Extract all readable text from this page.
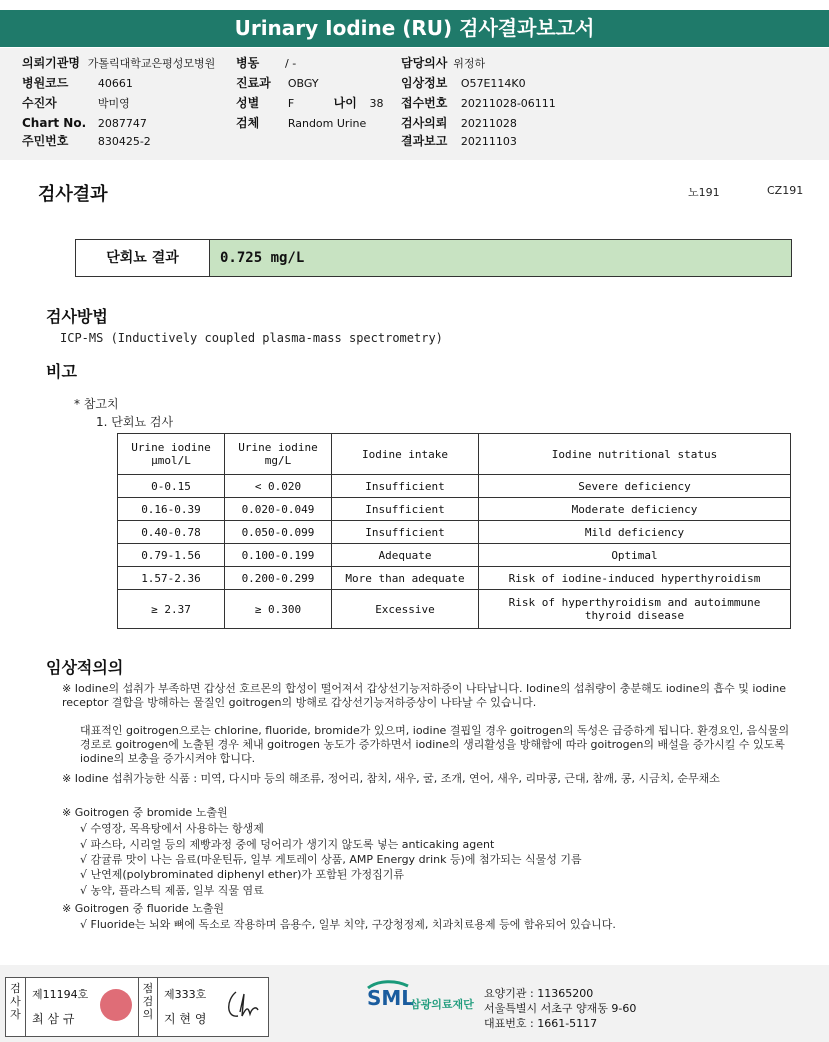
Urinary Iodine (RU) 검사결과보고서
의뢰기관명 가톨릭대학교은평성모병원 병동 / -	담당의사 위정하
병원코드	40661	진료과 OBGY	임상정보 O57E114K0
수진자	박미영	성별	F	나이 38 접수번호 20211028-06111
Chart No. 2087747	검체	Random Urine	검사의뢰 20211028
주민번호	830425-2	결과보고 20211103
검사결과	노191	CZ191
단회뇨 결과	0.725 mg/L
검사방법
ICP-MS (Inductively coupled plasma-mass spectrometry)
비고
* 참고치
1. 단회뇨 검사
Urine iodine μmol/L	Urine iodine mg/L	Iodine intake	Iodine nutritional status
0-0.15	< 0.020	Insufficient	Severe deficiency
0.16-0.39	0.020-0.049	Insufficient	Moderate deficiency
0.40-0.78	0.050-0.099	Insufficient	Mild deficiency
0.79-1.56	0.100-0.199	Adequate	Optimal
1.57-2.36	0.200-0.299	More than adequate	Risk of iodine-induced hyperthyroidism
≥ 2.37	≥ 0.300	Excessive	Risk of hyperthyroidism and autoimmune thyroid disease
임상적의의
※ Iodine의 섭취가 부족하면 갑상선 호르몬의 합성이 떨어져서 갑상선기능저하증이 나타납니다. Iodine의 섭취량이 충분해도 iodine의 흡수 및 iodine receptor 결합을 방해하는 물질인 goitrogen의 방해로 갑상선기능저하증상이 나타날 수 있습니다.
대표적인 goitrogen으로는 chlorine, fluoride, bromide가 있으며, iodine 결핍일 경우 goitrogen의 독성은 급증하게 됩니다. 환경요인, 음식물의 경로로 goitrogen에 노출된 경우 체내 goitrogen 농도가 증가하면서 iodine의 생리활성을 방해함에 따라 goitrogen의 배설을 증가시킬 수 있도록 iodine의 보충을 증가시켜야 합니다.
※ Iodine 섭취가능한 식품 : 미역, 다시마 등의 해조류, 정어리, 참치, 새우, 굴, 조개, 연어, 새우, 리마콩, 근대, 참깨, 콩, 시금치, 순무채소
※ Goitrogen 중 bromide 노출원
√ 수영장, 목욕탕에서 사용하는 항생제
√ 파스타, 시리얼 등의 제빵과정 중에 덩어리가 생기지 않도록 넣는 anticaking agent
√ 감귤류 맛이 나는 음료(마운틴듀, 일부 게토레이 상품, AMP Energy drink 등)에 첨가되는 식물성 기름
√ 난연제(polybrominated diphenyl ether)가 포함된 가정집기류
√ 농약, 플라스틱 제품, 일부 직물 염료
※ Goitrogen 중 fluoride 노출원
√ Fluoride는 뇌와 뼈에 독소로 작용하며 음용수, 일부 치약, 구강청정제, 치과치료용제 등에 함유되어 있습니다.
검사자
제11194호
최 삼 규
점검의
제333호
지 현 영
SML
삼광의료재단
요양기관 : 11365200
서울특별시 서초구 양재동 9-60
대표번호 : 1661-5117
